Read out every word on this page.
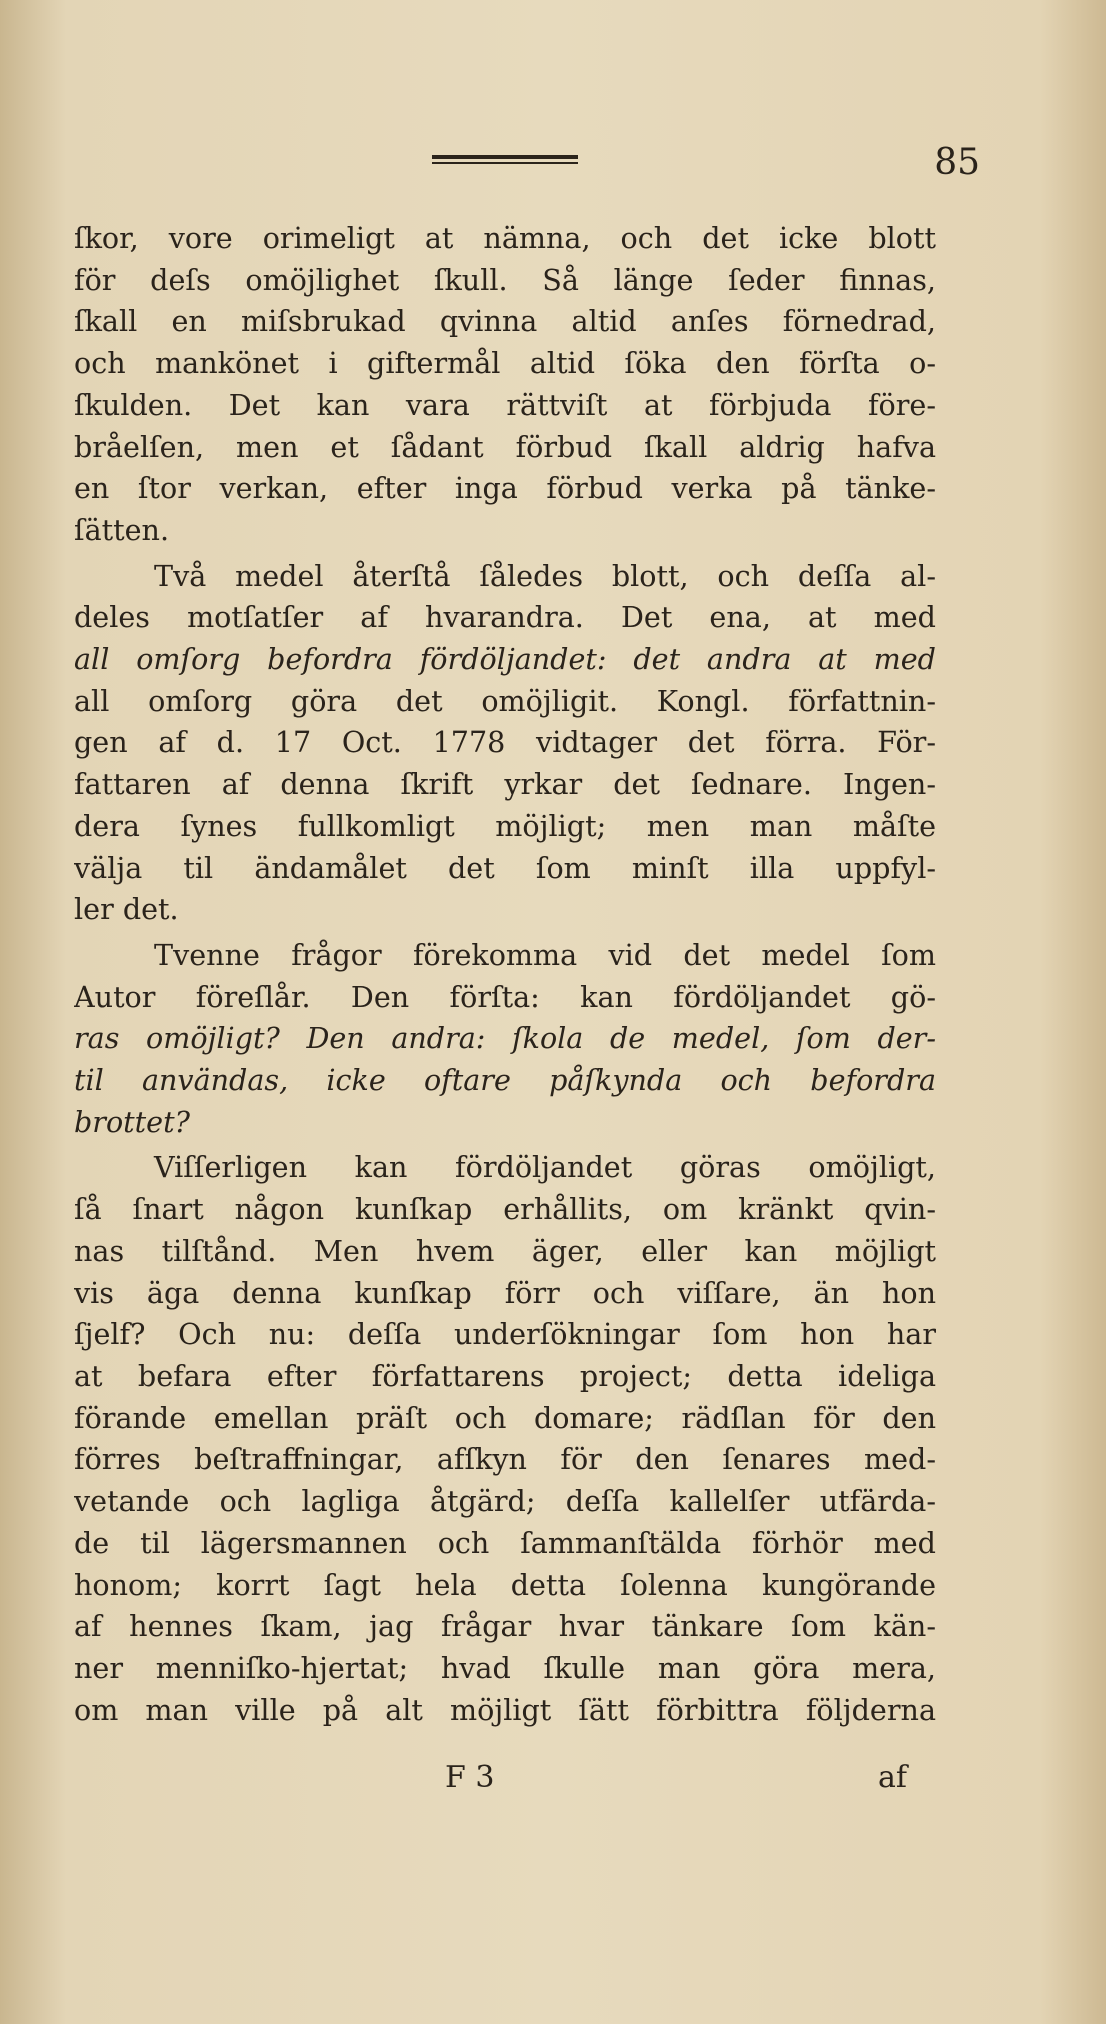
85
ſkor, vore orimeligt at nämna, och det icke blott
för deſs omöjlighet ſkull. Så länge ſeder finnas,
ſkall en miſsbrukad qvinna altid anſes förnedrad,
och mankönet i giftermål altid ſöka den förſta o-
ſkulden. Det kan vara rättviſt at förbjuda före-
bråelſen, men et ſådant förbud ſkall aldrig hafva
en ſtor verkan, efter inga förbud verka på tänke-
ſätten.
Två medel återſtå ſåledes blott, och deſſa al-
deles motſatſer af hvarandra. Det ena, at med
all omſorg befordra fördöljandet: det andra at med
all omſorg göra det omöjligit. Kongl. författnin-
gen af d. 17 Oct. 1778 vidtager det förra. För-
fattaren af denna ſkrift yrkar det ſednare. Ingen-
dera ſynes fullkomligt möjligt; men man måſte
välja til ändamålet det ſom minſt illa uppfyl-
ler det.
Tvenne frågor förekomma vid det medel ſom
Autor föreſlår. Den förſta: kan fördöljandet gö-
ras omöjligt? Den andra: ſkola de medel, ſom der-
til användas, icke oftare påſkynda och befordra
brottet?
Viſſerligen kan fördöljandet göras omöjligt,
ſå ſnart någon kunſkap erhållits, om kränkt qvin-
nas tilſtånd. Men hvem äger, eller kan möjligt
vis äga denna kunſkap förr och viſſare, än hon
ſjelf? Och nu: deſſa underſökningar ſom hon har
at befara efter författarens project; detta ideliga
förande emellan präſt och domare; rädſlan för den
förres beſtraffningar, afſkyn för den ſenares med-
vetande och lagliga åtgärd; deſſa kallelſer utfärda-
de til lägersmannen och ſammanſtälda förhör med
honom; korrt ſagt hela detta ſolenna kungörande
af hennes ſkam, jag frågar hvar tänkare ſom kän-
ner menniſko-hjertat; hvad ſkulle man göra mera,
om man ville på alt möjligt ſätt förbittra följderna
F 3	af
